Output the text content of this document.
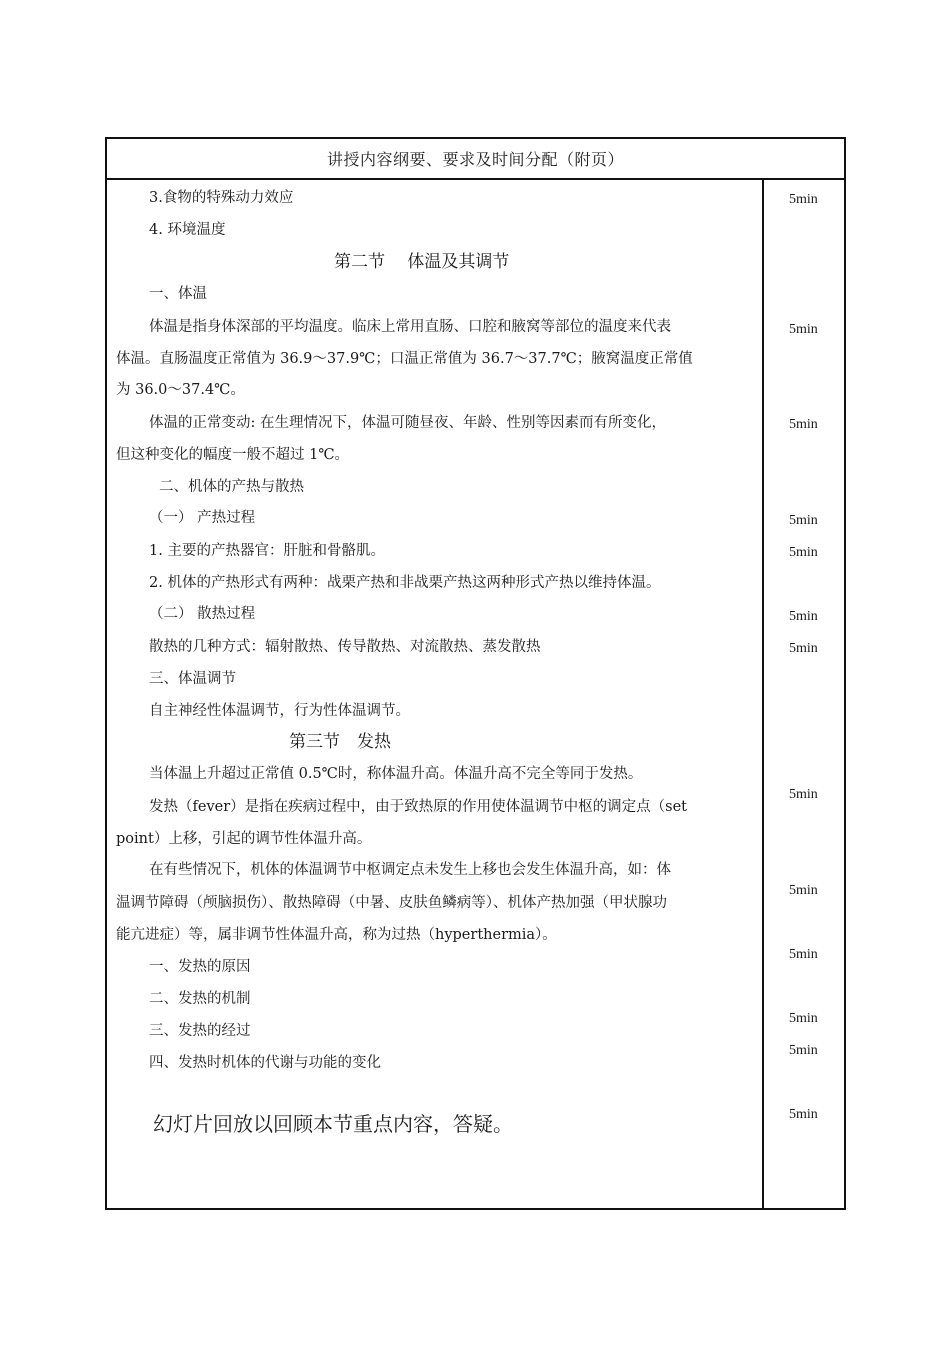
讲授内容纲要、要求及时间分配（附页）
3.食物的特殊动力效应
4. 环境温度
第二节　 体温及其调节
一、体温
体温是指身体深部的平均温度。临床上常用直肠、口腔和腋窝等部位的温度来代表
体温。直肠温度正常值为 36.9～37.9℃；口温正常值为 36.7～37.7℃；腋窝温度正常值
为 36.0～37.4℃。
体温的正常变动: 在生理情况下，体温可随昼夜、年龄、性别等因素而有所变化，
但这种变化的幅度一般不超过 1℃。
二、机体的产热与散热
（一） 产热过程
1. 主要的产热器官：肝脏和骨骼肌。
2. 机体的产热形式有两种：战栗产热和非战栗产热这两种形式产热以维持体温。
（二） 散热过程
散热的几种方式：辐射散热、传导散热、对流散热、蒸发散热
三、体温调节
自主神经性体温调节，行为性体温调节。
第三节　发热
当体温上升超过正常值 0.5℃时，称体温升高。体温升高不完全等同于发热。
发热（fever）是指在疾病过程中，由于致热原的作用使体温调节中枢的调定点（set
point）上移，引起的调节性体温升高。
在有些情况下，机体的体温调节中枢调定点未发生上移也会发生体温升高，如：体
温调节障碍（颅脑损伤）、散热障碍（中暑、皮肤鱼鳞病等）、机体产热加强（甲状腺功
能亢进症）等，属非调节性体温升高，称为过热（hyperthermia）。
一、发热的原因
二、发热的机制
三、发热的经过
四、发热时机体的代谢与功能的变化
幻灯片回放以回顾本节重点内容，答疑。
5min
5min
5min
5min
5min
5min
5min
5min
5min
5min
5min
5min
5min
